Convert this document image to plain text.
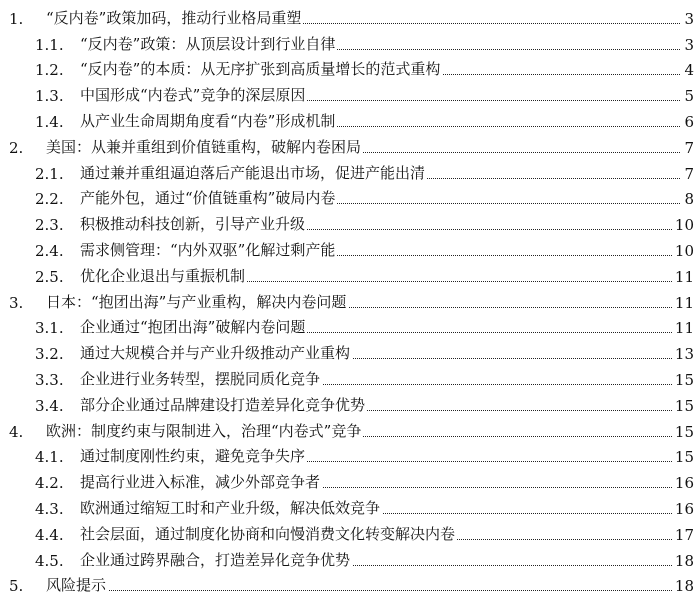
1. “反内卷”政策加码，推动行业格局重塑	3
1.1. “反内卷”政策：从顶层设计到行业自律	3
1.2. “反内卷”的本质：从无序扩张到高质量增长的范式重构	4
1.3. 中国形成“内卷式”竞争的深层原因	5
1.4. 从产业生命周期角度看“内卷”形成机制	6
2. 美国：从兼并重组到价值链重构，破解内卷困局	7
2.1. 通过兼并重组逼迫落后产能退出市场，促进产能出清	7
2.2. 产能外包，通过“价值链重构”破局内卷	8
2.3. 积极推动科技创新，引导产业升级	10
2.4. 需求侧管理：“内外双驱”化解过剩产能	10
2.5. 优化企业退出与重振机制	11
3. 日本：“抱团出海”与产业重构，解决内卷问题	11
3.1. 企业通过“抱团出海”破解内卷问题	11
3.2. 通过大规模合并与产业升级推动产业重构	13
3.3. 企业进行业务转型，摆脱同质化竞争	15
3.4. 部分企业通过品牌建设打造差异化竞争优势	15
4. 欧洲：制度约束与限制进入，治理“内卷式”竞争	15
4.1. 通过制度刚性约束，避免竞争失序	15
4.2. 提高行业进入标准，减少外部竞争者	16
4.3. 欧洲通过缩短工时和产业升级，解决低效竞争	16
4.4. 社会层面，通过制度化协商和向慢消费文化转变解决内卷	17
4.5. 企业通过跨界融合，打造差异化竞争优势	18
5. 风险提示	18
